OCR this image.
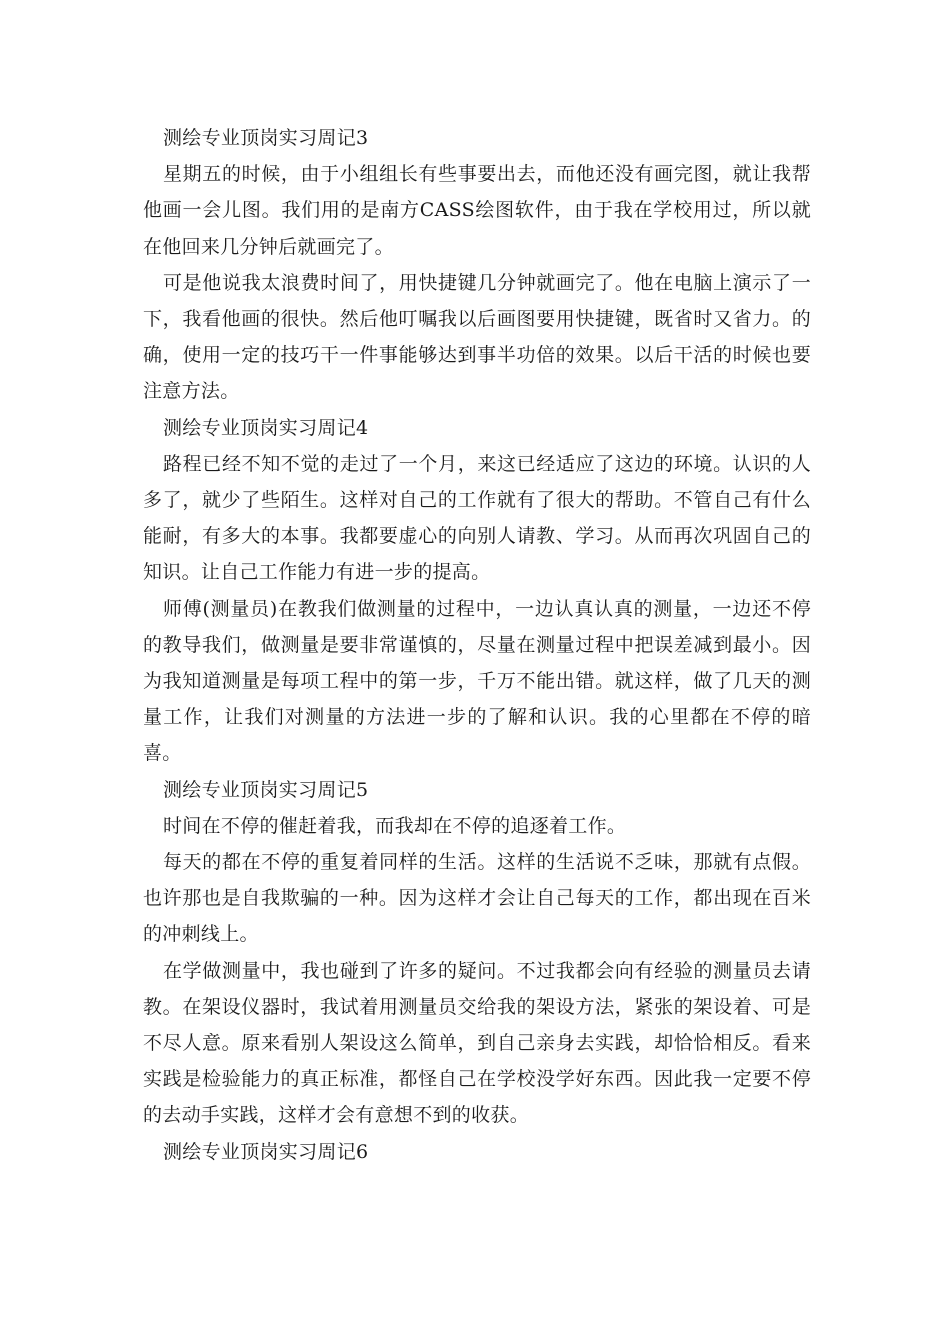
测绘专业顶岗实习周记3

星期五的时候，由于小组组长有些事要出去，而他还没有画完图，就让我帮他画一会儿图。我们用的是南方CASS绘图软件，由于我在学校用过，所以就在他回来几分钟后就画完了。

可是他说我太浪费时间了，用快捷键几分钟就画完了。他在电脑上演示了一下，我看他画的很快。然后他叮嘱我以后画图要用快捷键，既省时又省力。的确，使用一定的技巧干一件事能够达到事半功倍的效果。以后干活的时候也要注意方法。

测绘专业顶岗实习周记4

路程已经不知不觉的走过了一个月，来这已经适应了这边的环境。认识的人多了，就少了些陌生。这样对自己的工作就有了很大的帮助。不管自己有什么能耐，有多大的本事。我都要虚心的向别人请教、学习。从而再次巩固自己的知识。让自己工作能力有进一步的提高。

师傅(测量员)在教我们做测量的过程中，一边认真认真的测量，一边还不停的教导我们，做测量是要非常谨慎的，尽量在测量过程中把误差减到最小。因为我知道测量是每项工程中的第一步，千万不能出错。就这样，做了几天的测量工作，让我们对测量的方法进一步的了解和认识。我的心里都在不停的暗喜。

测绘专业顶岗实习周记5

时间在不停的催赶着我，而我却在不停的追逐着工作。

每天的都在不停的重复着同样的生活。这样的生活说不乏味，那就有点假。也许那也是自我欺骗的一种。因为这样才会让自己每天的工作，都出现在百米的冲刺线上。

在学做测量中，我也碰到了许多的疑问。不过我都会向有经验的测量员去请教。在架设仪器时，我试着用测量员交给我的架设方法，紧张的架设着、可是不尽人意。原来看别人架设这么简单，到自己亲身去实践，却恰恰相反。看来实践是检验能力的真正标准，都怪自己在学校没学好东西。因此我一定要不停的去动手实践，这样才会有意想不到的收获。

测绘专业顶岗实习周记6
